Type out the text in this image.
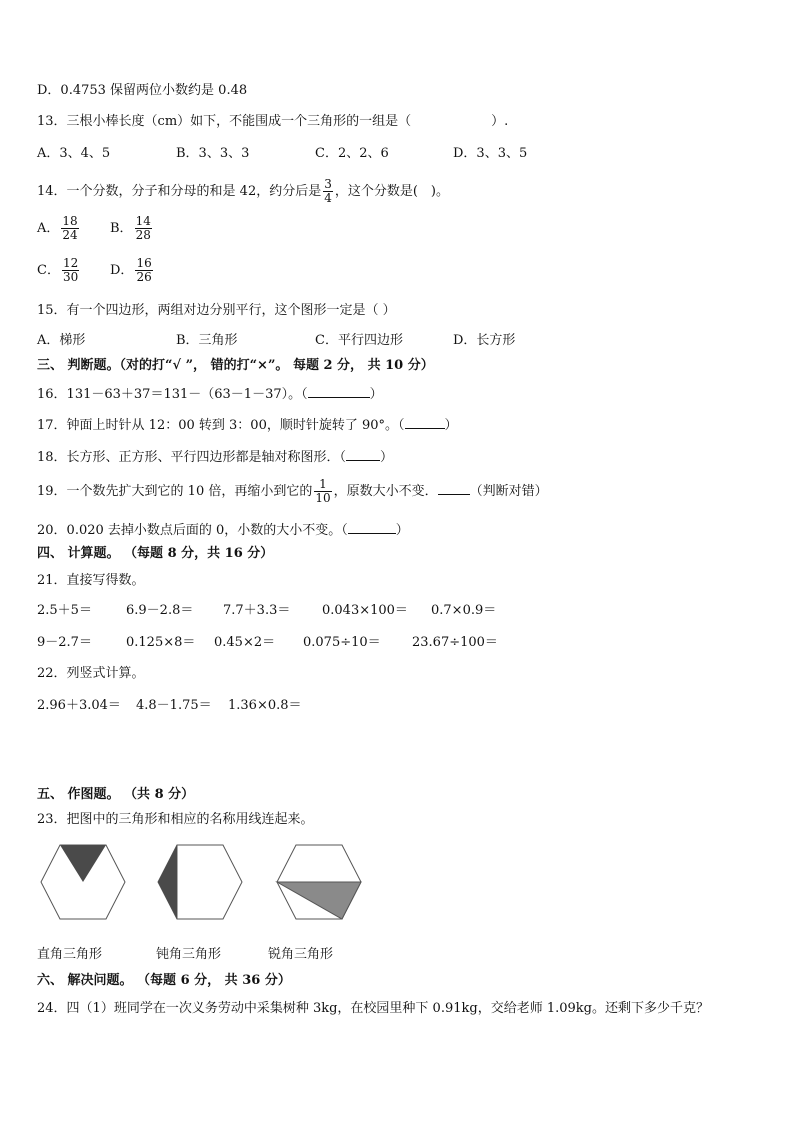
D．0.4753 保留两位小数约是 0.48
13．三根小棒长度（cm）如下，不能围成一个三角形的一组是（	）.
A．3、4、5	B．3、3、3	C．2、2、6	D．3、3、5
14．一个分数，分子和分母的和是 42，约分后是 $\frac{3}{4}$ ，这个分数是(　)。
A． $\frac{18}{24}$ B． $\frac{14}{28}$
C． $\frac{12}{30}$ D． $\frac{16}{26}$
15．有一个四边形，两组对边分别平行，这个图形一定是（ ）
A．梯形	B．三角形	C．平行四边形	D．长方形
三、 判断题。（对的打“√ ”， 错的打“×”。 每题 2 分， 共 10 分）
16．131－63＋37＝131－（63－1－37）。（	）
17．钟面上时针从 12：00 转到 3：00，顺时针旋转了 90°。（	）
18．长方形、正方形、平行四边形都是轴对称图形．（	）
19．一个数先扩大到它的 10 倍，再缩小到它的 $\frac{1}{10}$ ，原数大小不变． （判断对错）
20．0.020 去掉小数点后面的 0，小数的大小不变。（	）
四、 计算题。 （每题 8 分，共 16 分）
21．直接写得数。
2.5＋5＝	6.9－2.8＝ 7.7＋3.3＝ 0.043×100＝ 0.7×0.9＝
9－2.7＝	0.125×8＝ 0.45×2＝ 0.075÷10＝ 23.67÷100＝
22．列竖式计算。
2.96＋3.04＝ 4.8－1.75＝ 1.36×0.8＝
五、 作图题。 （共 8 分）
23．把图中的三角形和相应的名称用线连起来。
直角三角形	钝角三角形	锐角三角形
六、 解决问题。 （每题 6 分， 共 36 分）
24．四（1）班同学在一次义务劳动中采集树种 3kg，在校园里种下 0.91kg，交给老师 1.09kg。还剩下多少千克？
